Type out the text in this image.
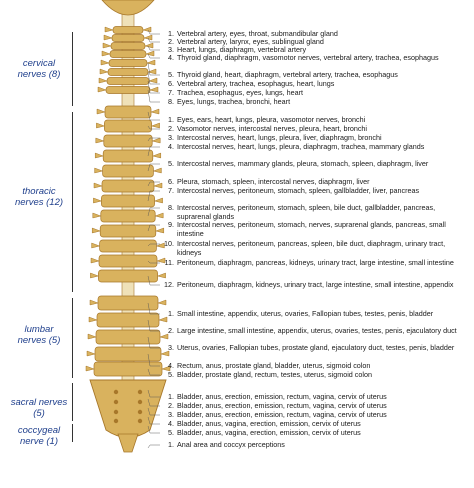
cervical nerves (8)
thoracic nerves (12)
lumbar nerves (5)
sacral nerves (5)
coccygeal nerve (1)
1. Vertebral artery, eyes, throat, submandibular gland
2. Vertebral artery, larynx, eyes, sublingual gland
3. Heart, lungs, diaphragm, vertebral artery
4. Thyroid gland, diaphragm, vasomotor nerves, vertebral artery, trachea, esophagus
5. Thyroid gland, heart, diaphragm, vertebral artery, trachea, esophagus
6. Vertebral artery, trachea, esophagus, heart, lungs
7. Trachea, esophagus, eyes, lungs, heart
8. Eyes, lungs, trachea, bronchi, heart
1. Eyes, ears, heart, lungs, pleura, vasomotor nerves, bronchi
2. Vasomotor nerves, intercostal nerves, pleura, heart, bronchi
3. Intercostal nerves, heart, lungs, pleura, liver, diaphragm, bronchi
4. Intercostal nerves, heart, lungs, pleura, diaphragm, trachea, mammary glands
5. Intercostal nerves, mammary glands, pleura, stomach, spleen, diaphragm, liver
6. Pleura, stomach, spleen, intercostal nerves, diaphragm, liver
7. Intercostal nerves, peritoneum, stomach, spleen, gallbladder, liver, pancreas
8. Intercostal nerves, peritoneum, stomach, spleen, bile duct, gallbladder, pancreas, suprarenal glands
9. Intercostal nerves, peritoneum, stomach, nerves, suprarenal glands, pancreas, small intestine
10. Intercostal nerves, peritoneum, pancreas, spleen, bile duct, diaphragm, urinary tract, kidneys
11. Peritoneum, diaphragm, pancreas, kidneys, urinary tract, large intestine, small intestine
12. Peritoneum, diaphragm, kidneys, urinary tract, large intestine, small intestine, appendix
1. Small intestine, appendix, uterus, ovaries, Fallopian tubes, testes, penis, bladder
2. Large intestine, small intestine, appendix, uterus, ovaries, testes, penis, ejaculatory duct
3. Uterus, ovaries, Fallopian tubes, prostate gland, ejaculatory duct, testes, penis, bladder
4. Rectum, anus, prostate gland, bladder, uterus, sigmoid colon
5. Bladder, prostate gland, rectum, testes, uterus, sigmoid colon
1. Bladder, anus, erection, emission, rectum, vagina, cervix of uterus
2. Bladder, anus, erection, emission, rectum, vagina, cervix of uterus
3. Bladder, anus, erection, emission, rectum, vagina, cervix of uterus
4. Bladder, anus, vagina, erection, emission, cervix of uterus
5. Bladder, anus, vagina, erection, emission, cervix of uterus
1. Anal area and coccyx perceptions
